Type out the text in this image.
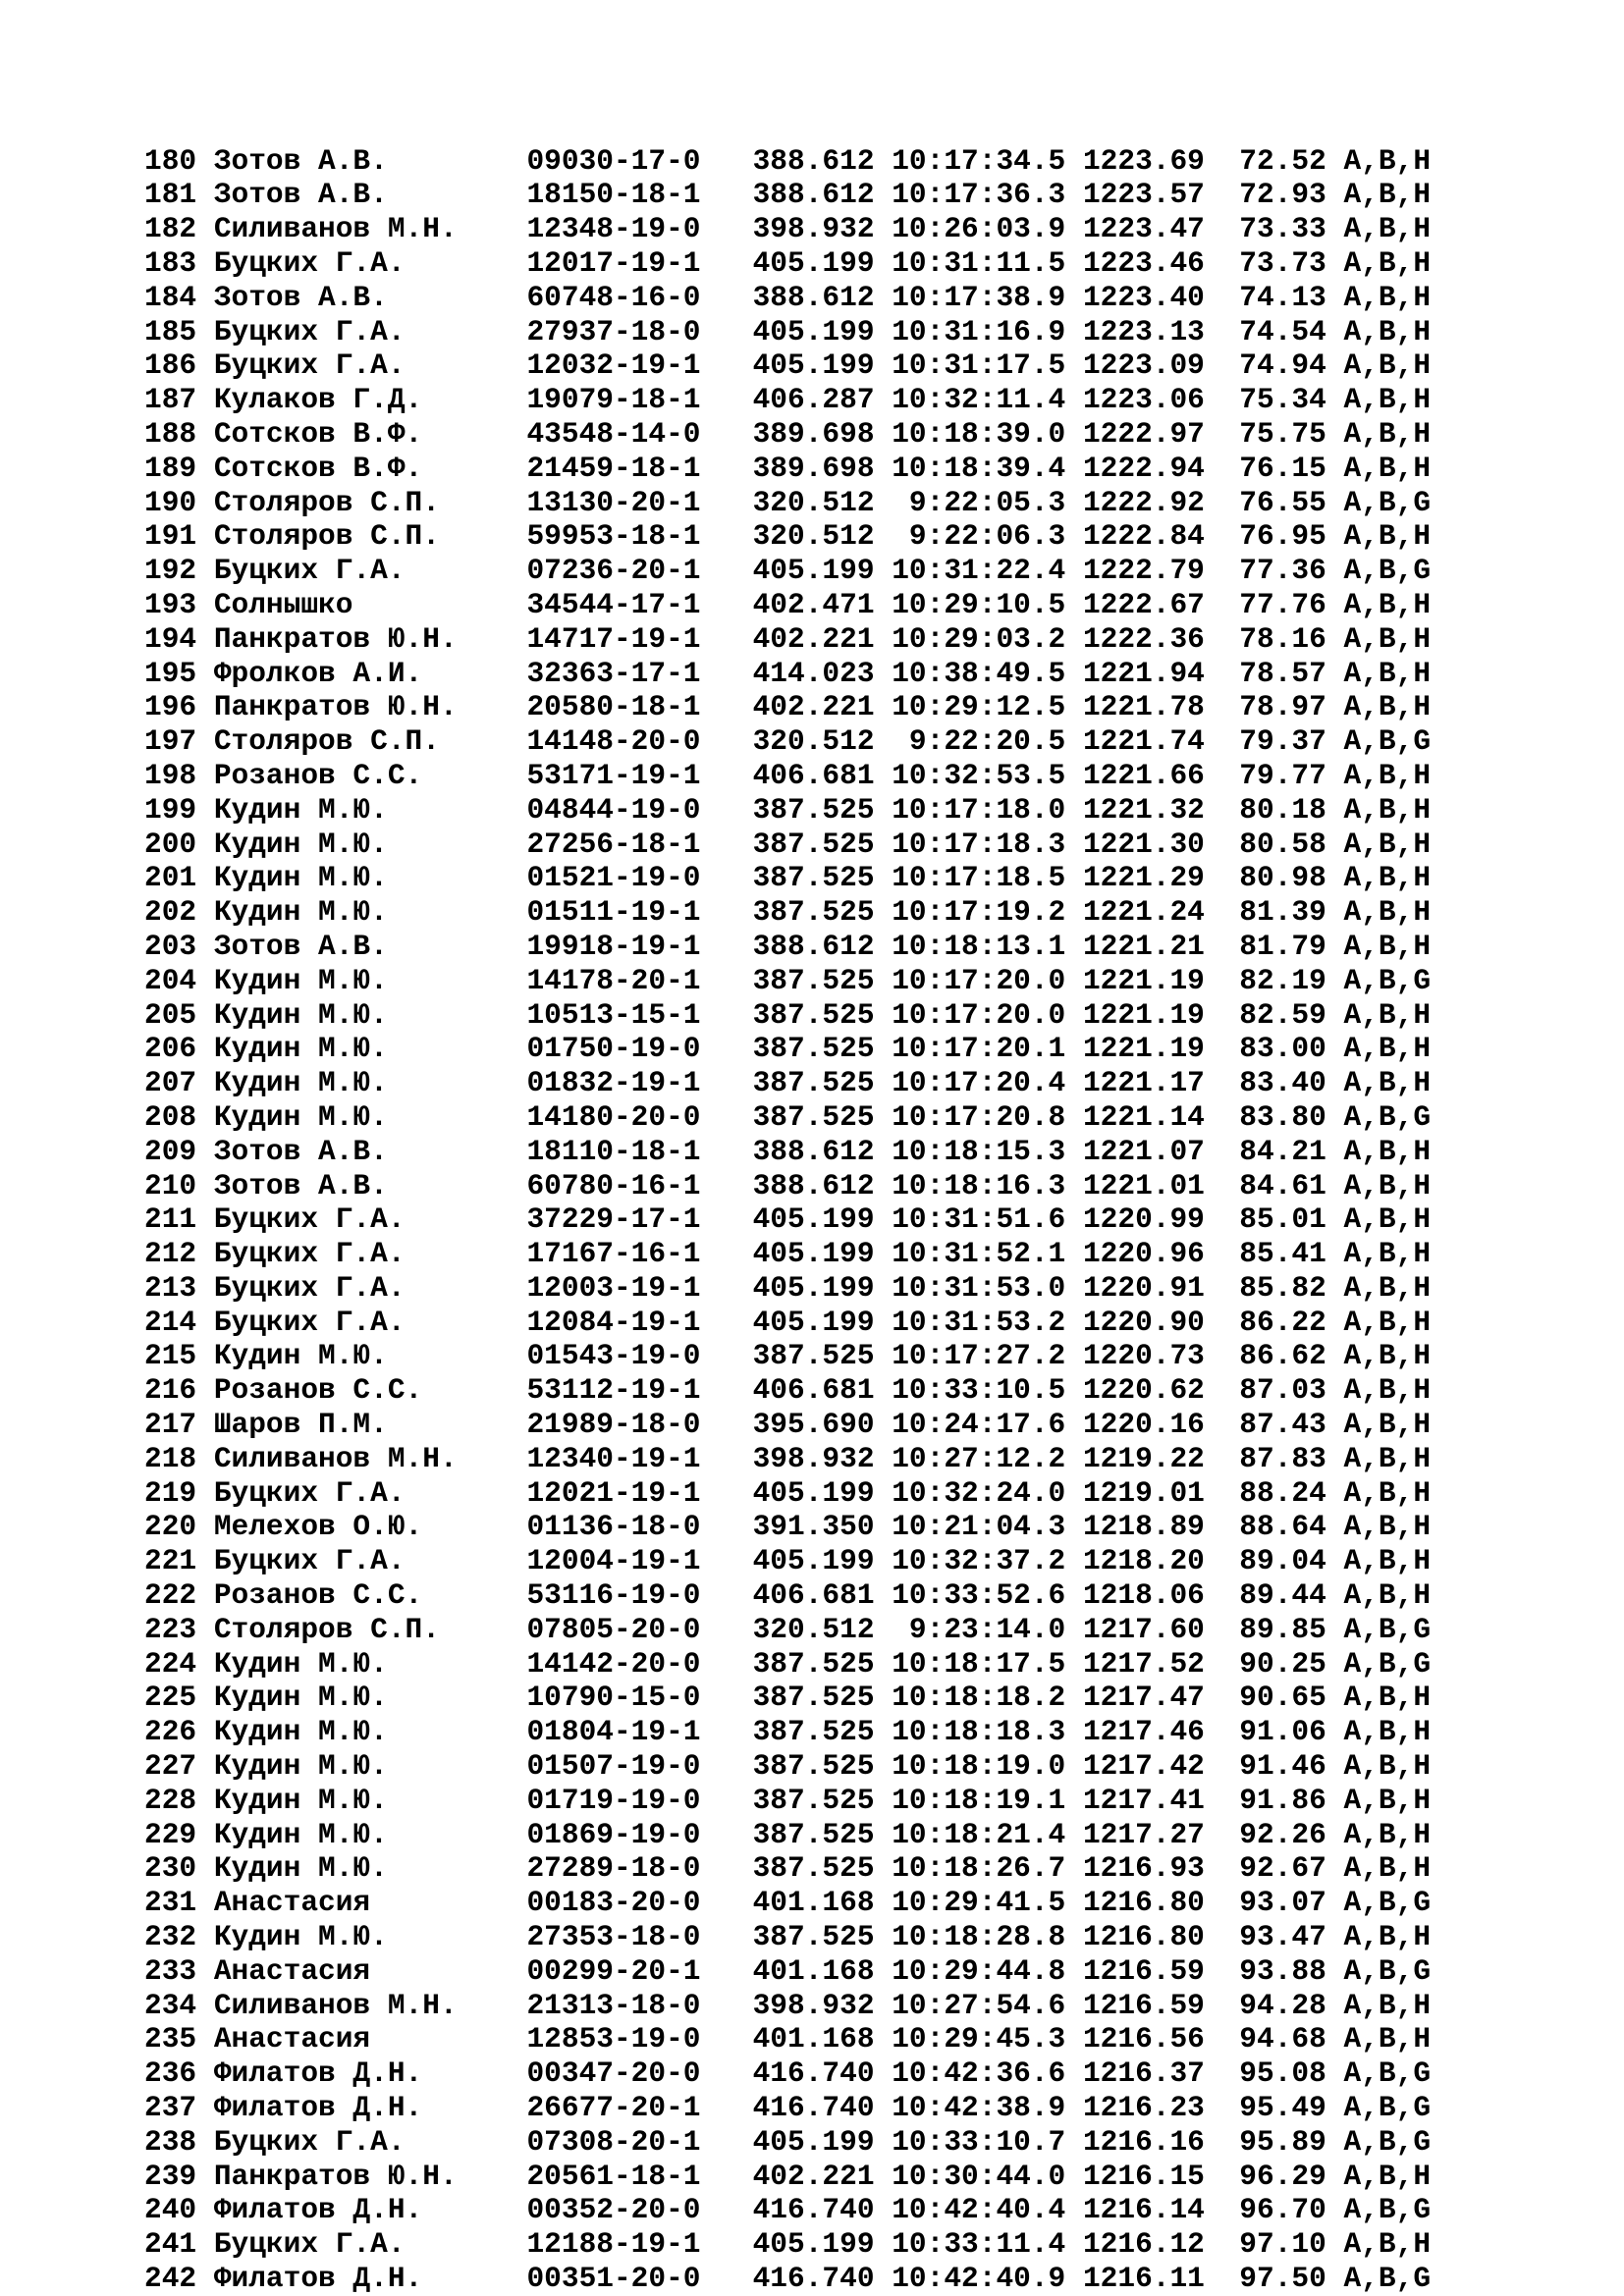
180 Зотов А.В.        09030-17-0 388.612 10:17:34.5 1223.69 72.52 A,B,H
181 Зотов А.В.        18150-18-1 388.612 10:17:36.3 1223.57 72.93 A,B,H
182 Силиванов М.Н.    12348-19-0 398.932 10:26:03.9 1223.47 73.33 A,B,H
183 Буцких Г.А.       12017-19-1 405.199 10:31:11.5 1223.46 73.73 A,B,H
184 Зотов А.В.        60748-16-0 388.612 10:17:38.9 1223.40 74.13 A,B,H
185 Буцких Г.А.       27937-18-0 405.199 10:31:16.9 1223.13 74.54 A,B,H
186 Буцких Г.А.       12032-19-1 405.199 10:31:17.5 1223.09 74.94 A,B,H
187 Кулаков Г.Д.      19079-18-1 406.287 10:32:11.4 1223.06 75.34 A,B,H
188 Сотсков В.Ф.      43548-14-0 389.698 10:18:39.0 1222.97 75.75 A,B,H
189 Сотсков В.Ф.      21459-18-1 389.698 10:18:39.4 1222.94 76.15 A,B,H
190 Столяров С.П.     13130-20-1 320.512  9:22:05.3 1222.92 76.55 A,B,G
191 Столяров С.П.     59953-18-1 320.512  9:22:06.3 1222.84 76.95 A,B,H
192 Буцких Г.А.       07236-20-1 405.199 10:31:22.4 1222.79 77.36 A,B,G
193 Солнышко          34544-17-1 402.471 10:29:10.5 1222.67 77.76 A,B,H
194 Панкратов Ю.Н.    14717-19-1 402.221 10:29:03.2 1222.36 78.16 A,B,H
195 Фролков А.И.      32363-17-1 414.023 10:38:49.5 1221.94 78.57 A,B,H
196 Панкратов Ю.Н.    20580-18-1 402.221 10:29:12.5 1221.78 78.97 A,B,H
197 Столяров С.П.     14148-20-0 320.512  9:22:20.5 1221.74 79.37 A,B,G
198 Розанов С.С.      53171-19-1 406.681 10:32:53.5 1221.66 79.77 A,B,H
199 Кудин М.Ю.        04844-19-0 387.525 10:17:18.0 1221.32 80.18 A,B,H
200 Кудин М.Ю.        27256-18-1 387.525 10:17:18.3 1221.30 80.58 A,B,H
201 Кудин М.Ю.        01521-19-0 387.525 10:17:18.5 1221.29 80.98 A,B,H
202 Кудин М.Ю.        01511-19-1 387.525 10:17:19.2 1221.24 81.39 A,B,H
203 Зотов А.В.        19918-19-1 388.612 10:18:13.1 1221.21 81.79 A,B,H
204 Кудин М.Ю.        14178-20-1 387.525 10:17:20.0 1221.19 82.19 A,B,G
205 Кудин М.Ю.        10513-15-1 387.525 10:17:20.0 1221.19 82.59 A,B,H
206 Кудин М.Ю.        01750-19-0 387.525 10:17:20.1 1221.19 83.00 A,B,H
207 Кудин М.Ю.        01832-19-1 387.525 10:17:20.4 1221.17 83.40 A,B,H
208 Кудин М.Ю.        14180-20-0 387.525 10:17:20.8 1221.14 83.80 A,B,G
209 Зотов А.В.        18110-18-1 388.612 10:18:15.3 1221.07 84.21 A,B,H
210 Зотов А.В.        60780-16-1 388.612 10:18:16.3 1221.01 84.61 A,B,H
211 Буцких Г.А.       37229-17-1 405.199 10:31:51.6 1220.99 85.01 A,B,H
212 Буцких Г.А.       17167-16-1 405.199 10:31:52.1 1220.96 85.41 A,B,H
213 Буцких Г.А.       12003-19-1 405.199 10:31:53.0 1220.91 85.82 A,B,H
214 Буцких Г.А.       12084-19-1 405.199 10:31:53.2 1220.90 86.22 A,B,H
215 Кудин М.Ю.        01543-19-0 387.525 10:17:27.2 1220.73 86.62 A,B,H
216 Розанов С.С.      53112-19-1 406.681 10:33:10.5 1220.62 87.03 A,B,H
217 Шаров П.М.        21989-18-0 395.690 10:24:17.6 1220.16 87.43 A,B,H
218 Силиванов М.Н.    12340-19-1 398.932 10:27:12.2 1219.22 87.83 A,B,H
219 Буцких Г.А.       12021-19-1 405.199 10:32:24.0 1219.01 88.24 A,B,H
220 Мелехов О.Ю.      01136-18-0 391.350 10:21:04.3 1218.89 88.64 A,B,H
221 Буцких Г.А.       12004-19-1 405.199 10:32:37.2 1218.20 89.04 A,B,H
222 Розанов С.С.      53116-19-0 406.681 10:33:52.6 1218.06 89.44 A,B,H
223 Столяров С.П.     07805-20-0 320.512  9:23:14.0 1217.60 89.85 A,B,G
224 Кудин М.Ю.        14142-20-0 387.525 10:18:17.5 1217.52 90.25 A,B,G
225 Кудин М.Ю.        10790-15-0 387.525 10:18:18.2 1217.47 90.65 A,B,H
226 Кудин М.Ю.        01804-19-1 387.525 10:18:18.3 1217.46 91.06 A,B,H
227 Кудин М.Ю.        01507-19-0 387.525 10:18:19.0 1217.42 91.46 A,B,H
228 Кудин М.Ю.        01719-19-0 387.525 10:18:19.1 1217.41 91.86 A,B,H
229 Кудин М.Ю.        01869-19-0 387.525 10:18:21.4 1217.27 92.26 A,B,H
230 Кудин М.Ю.        27289-18-0 387.525 10:18:26.7 1216.93 92.67 A,B,H
231 Анастасия         00183-20-0 401.168 10:29:41.5 1216.80 93.07 A,B,G
232 Кудин М.Ю.        27353-18-0 387.525 10:18:28.8 1216.80 93.47 A,B,H
233 Анастасия         00299-20-1 401.168 10:29:44.8 1216.59 93.88 A,B,G
234 Силиванов М.Н.    21313-18-0 398.932 10:27:54.6 1216.59 94.28 A,B,H
235 Анастасия         12853-19-0 401.168 10:29:45.3 1216.56 94.68 A,B,H
236 Филатов Д.Н.      00347-20-0 416.740 10:42:36.6 1216.37 95.08 A,B,G
237 Филатов Д.Н.      26677-20-1 416.740 10:42:38.9 1216.23 95.49 A,B,G
238 Буцких Г.А.       07308-20-1 405.199 10:33:10.7 1216.16 95.89 A,B,G
239 Панкратов Ю.Н.    20561-18-1 402.221 10:30:44.0 1216.15 96.29 A,B,H
240 Филатов Д.Н.      00352-20-0 416.740 10:42:40.4 1216.14 96.70 A,B,G
241 Буцких Г.А.       12188-19-1 405.199 10:33:11.4 1216.12 97.10 A,B,H
242 Филатов Д.Н.      00351-20-0 416.740 10:42:40.9 1216.11 97.50 A,B,G
